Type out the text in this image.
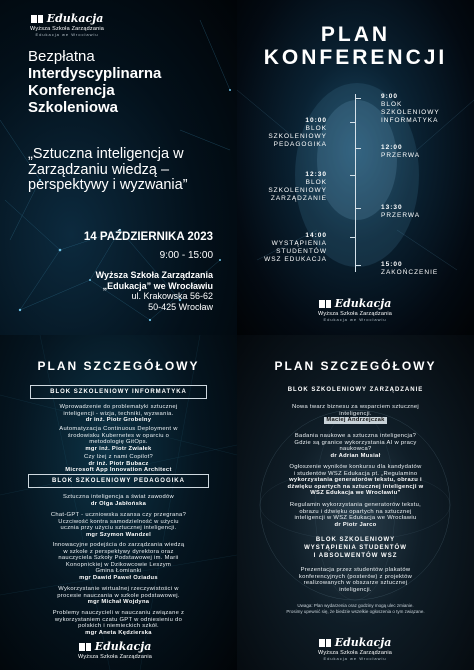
Edukacja
Wyższa Szkoła Zarządzania
Edukacja we Wrocławiu
Bezpłatna
Interdyscyplinarna
Konferencja
Szkoleniowa
„Sztuczna inteligencja w
Zarządzaniu wiedzą –
perspektywy i wyzwania”
14 PAŹDZIERNIKA 2023
9:00 - 15:00
Wyższa Szkoła Zarządzania
„Edukacja” we Wrocławiu
ul. Krakowska 56-62
50-425 Wrocław
PLAN
KONFERENCJI
9:00
BLOK
SZKOLENIOWY
INFORMATYKA
10:00
BLOK
SZKOLENIOWY
PEDAGOGIKA	12:00
PRZERWA
12:30
BLOK
SZKOLENIOWY
ZARZĄDZANIE
13:30
PRZERWA
14:00
WYSTĄPIENIA
STUDENTÓW
WSZ EDUKACJA
15:00
ZAKOŃCZENIE
Edukacja
Wyższa Szkoła Zarządzania
Edukacja we Wrocławiu
PLAN SZCZEGÓŁOWY
BLOK SZKOLENIOWY INFORMATYKA
Wprowadzenie do problematyki sztucznej
inteligencji - wizja, techniki, wyzwania.
dr inż. Piotr Grobelny
Automatyzacja Continuous Deployment w
środowisku Kubernetes w oparciu o
metodologię GitOps.
mgr inż. Piotr Zwiałek
Czy lżej z nami Copilot?
dr inż. Piotr Bubacz
Microsoft App Innovation Architect
BLOK SZKOLENIOWY PEDAGOGIKA
Sztuczna inteligencja a świat zawodów
dr Olga Jabłońska
Chat-GPT - uczniowska szansa czy przegrana?
Uczciwość kontra samodzielność w użyciu
ucznia przy użyciu sztucznej inteligencji.
mgr Szymon Wandzel
Innowacyjne podejścia do zarządzania wiedzą
w szkole z perspektywy dyrektora oraz
nauczyciela Szkoły Podstawowej im. Marii
Konopnickiej w Dzikowcowie Leszym
Gmina Łomianki
mgr Dawid Paweł Oziadus
Wykorzystanie wirtualnej rzeczywistości w
procesie nauczania w szkole podstawowej.
mgr Michał Wojdyna
Problemy nauczycieli w nauczaniu związane z
wykorzystaniem czatu GPT w odniesieniu do
polskich i niemieckich szkół.
mgr Aneta Kędzierska
Edukacja
Wyższa Szkoła Zarządzania
PLAN SZCZEGÓŁOWY
BLOK SZKOLENIOWY ZARZĄDZANIE
Nowa twarz biznesu za wsparciem sztucznej
inteligencji.
Maciej Andrzejczak
Badania naukowe a sztuczna inteligencja?
Gdzie są granice wykorzystania AI w pracy
naukowca?
dr Adrian Musiał
Ogłoszenie wyników konkursu dla kandydatów
i studentów WSZ Edukacja pt. „Regulamino
wykorzystania generatorów tekstu, obrazu i
dźwięku opartych na sztucznej inteligencji w
WSZ Edukacja we Wrocławiu”
Regulamin wykorzystania generatorów tekstu,
obrazu i dźwięku opartych na sztucznej
inteligencji w WSZ Edukacja we Wrocławiu
dr Piotr Jarco
BLOK SZKOLENIOWY
WYSTĄPIENIA STUDENTÓW
I ABSOLWENTÓW WSZ
Prezentacja przez studentów plakatów
konferencyjnych (posterów) z projektów
realizowanych w obszarze sztucznej
inteligencji.
Uwaga: Plan wydarzenia oraz godziny mogą ulec zmianie.
Prosimy upewnić się, że biedzie wszelkie ogłoszenia o tym związane.
Edukacja
Wyższa Szkoła Zarządzania
Edukacja we Wrocławiu
